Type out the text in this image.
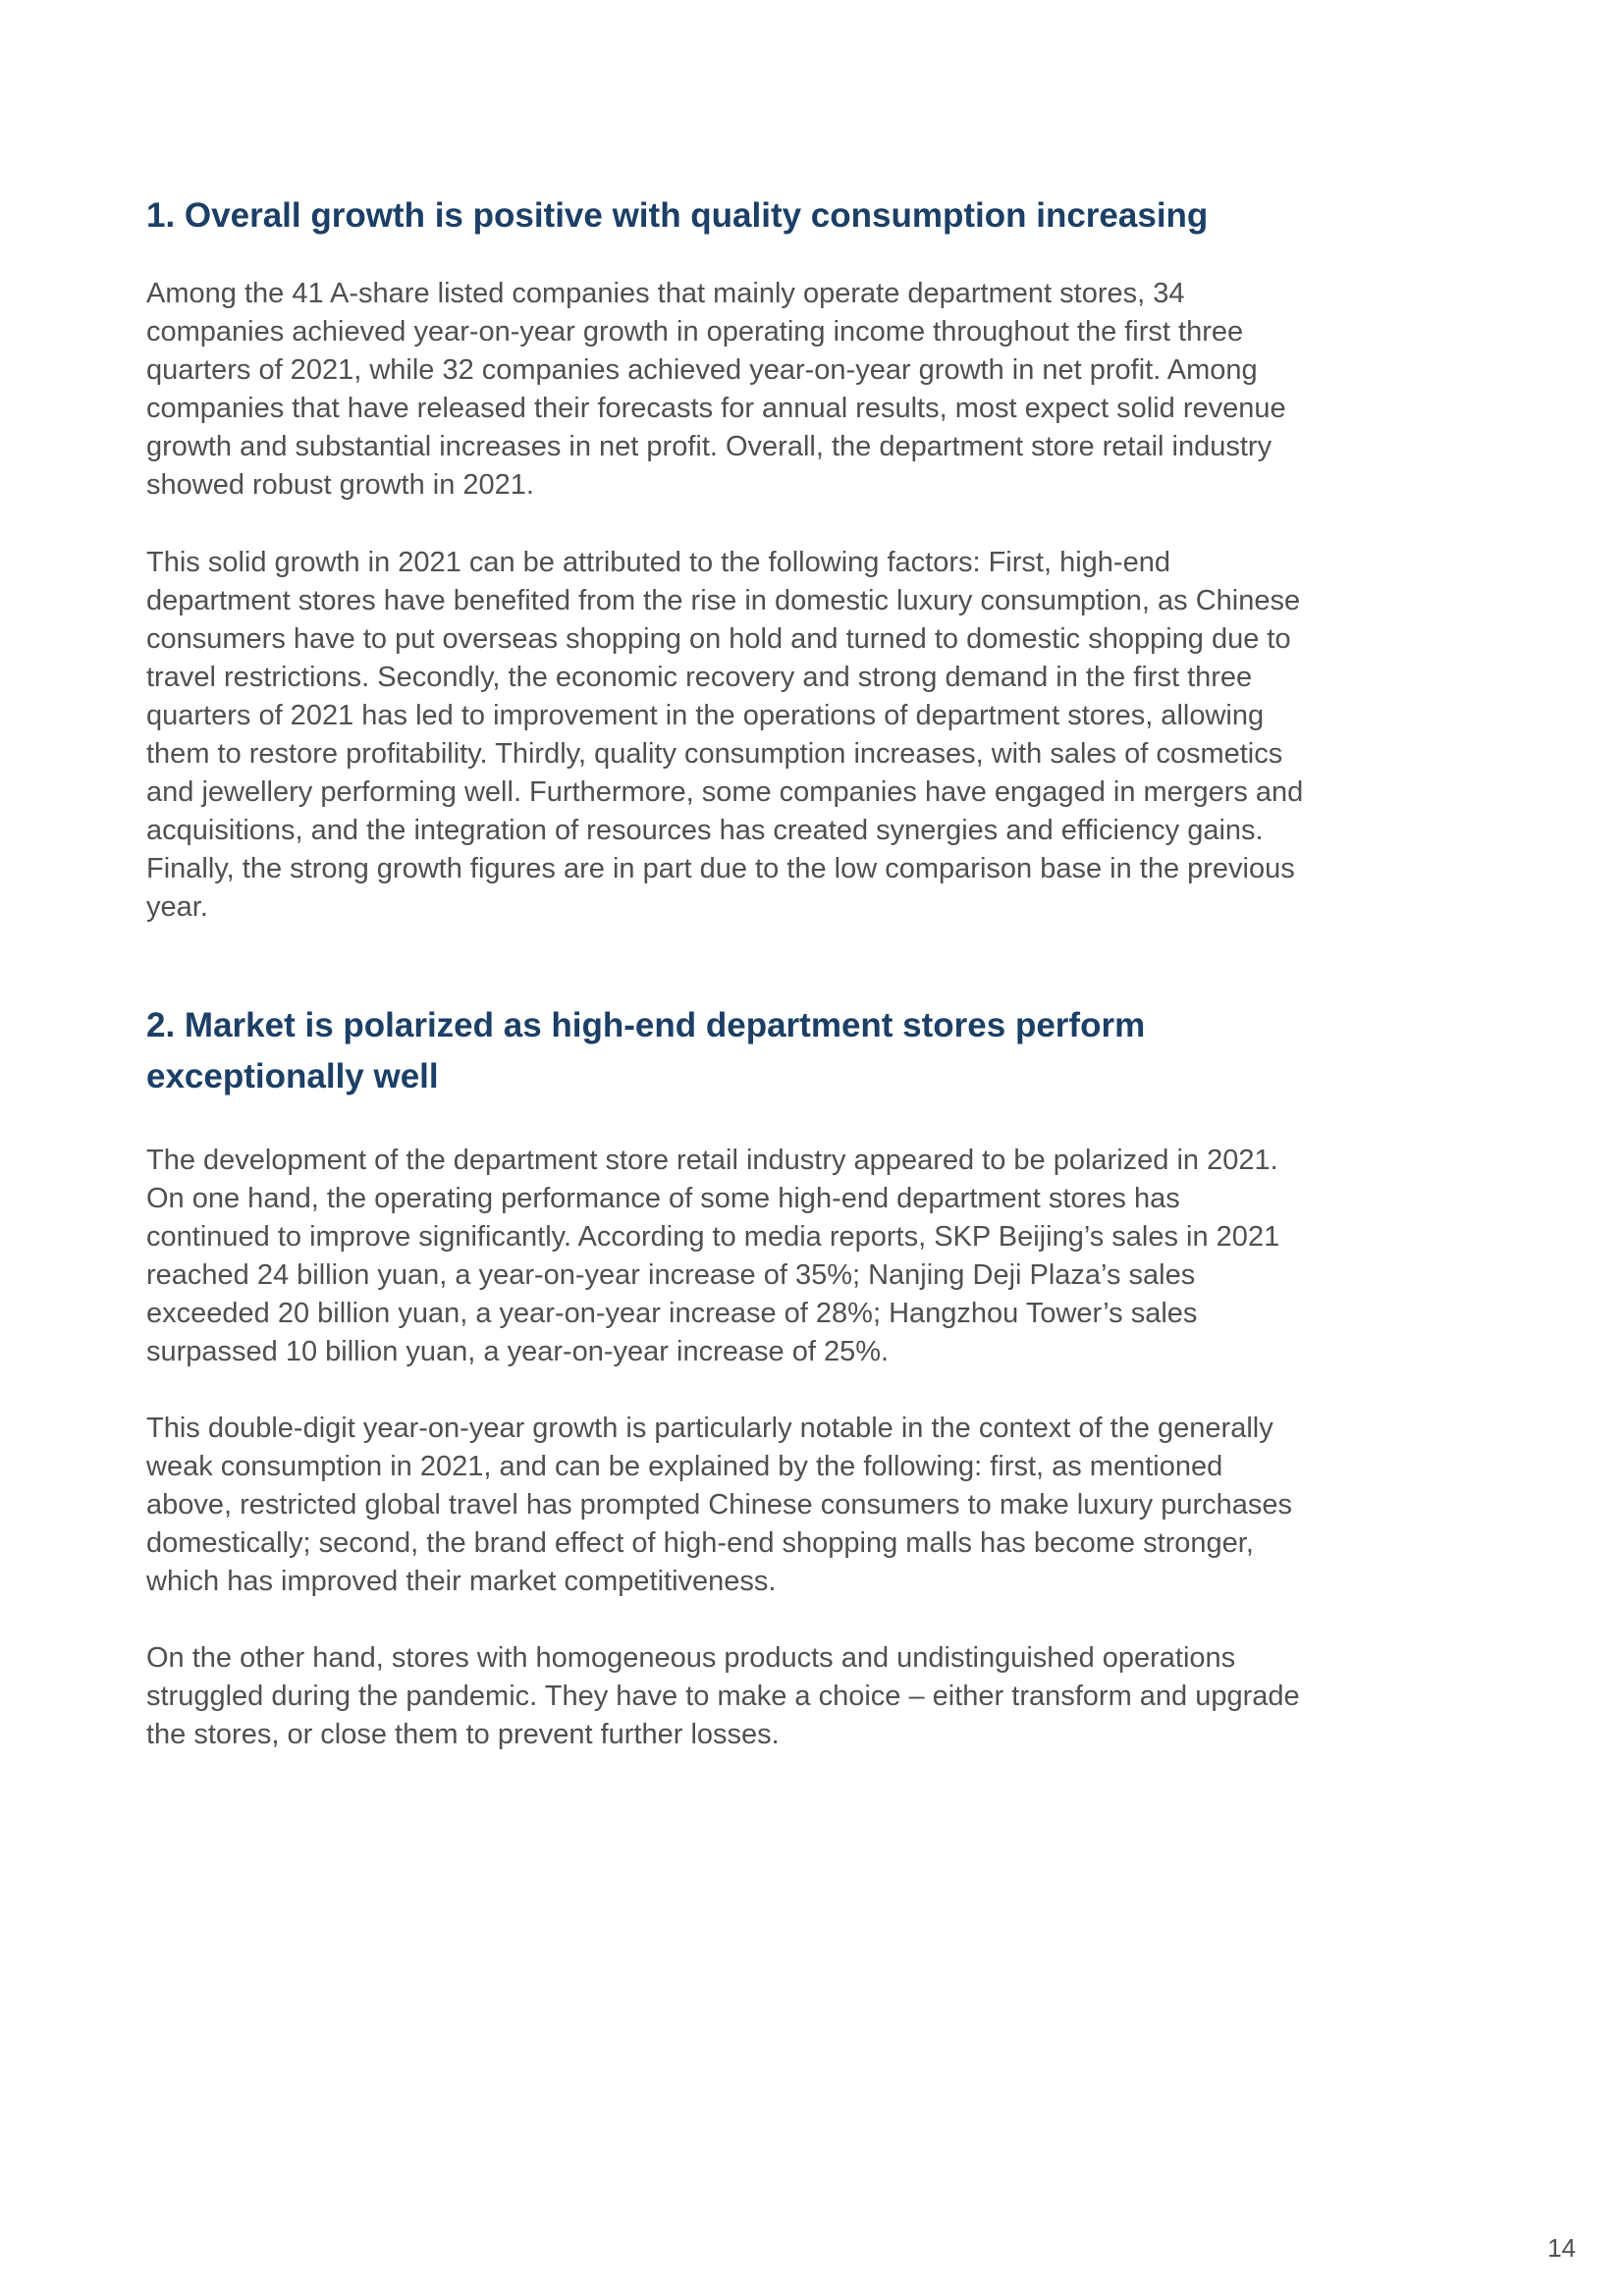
1. Overall growth is positive with quality consumption increasing

Among the 41 A-share listed companies that mainly operate department stores, 34 companies achieved year-on-year growth in operating income throughout the first three quarters of 2021, while 32 companies achieved year-on-year growth in net profit. Among companies that have released their forecasts for annual results, most expect solid revenue growth and substantial increases in net profit. Overall, the department store retail industry showed robust growth in 2021.

This solid growth in 2021 can be attributed to the following factors: First, high-end department stores have benefited from the rise in domestic luxury consumption, as Chinese consumers have to put overseas shopping on hold and turned to domestic shopping due to travel restrictions. Secondly, the economic recovery and strong demand in the first three quarters of 2021 has led to improvement in the operations of department stores, allowing them to restore profitability. Thirdly, quality consumption increases, with sales of cosmetics and jewellery performing well. Furthermore, some companies have engaged in mergers and acquisitions, and the integration of resources has created synergies and efficiency gains. Finally, the strong growth figures are in part due to the low comparison base in the previous year.

2. Market is polarized as high-end department stores perform exceptionally well

The development of the department store retail industry appeared to be polarized in 2021. On one hand, the operating performance of some high-end department stores has continued to improve significantly. According to media reports, SKP Beijing’s sales in 2021 reached 24 billion yuan, a year-on-year increase of 35%; Nanjing Deji Plaza’s sales exceeded 20 billion yuan, a year-on-year increase of 28%; Hangzhou Tower’s sales surpassed 10 billion yuan, a year-on-year increase of 25%.

This double-digit year-on-year growth is particularly notable in the context of the generally weak consumption in 2021, and can be explained by the following: first, as mentioned above, restricted global travel has prompted Chinese consumers to make luxury purchases domestically; second, the brand effect of high-end shopping malls has become stronger, which has improved their market competitiveness.

On the other hand, stores with homogeneous products and undistinguished operations struggled during the pandemic. They have to make a choice – either transform and upgrade the stores, or close them to prevent further losses.

14
